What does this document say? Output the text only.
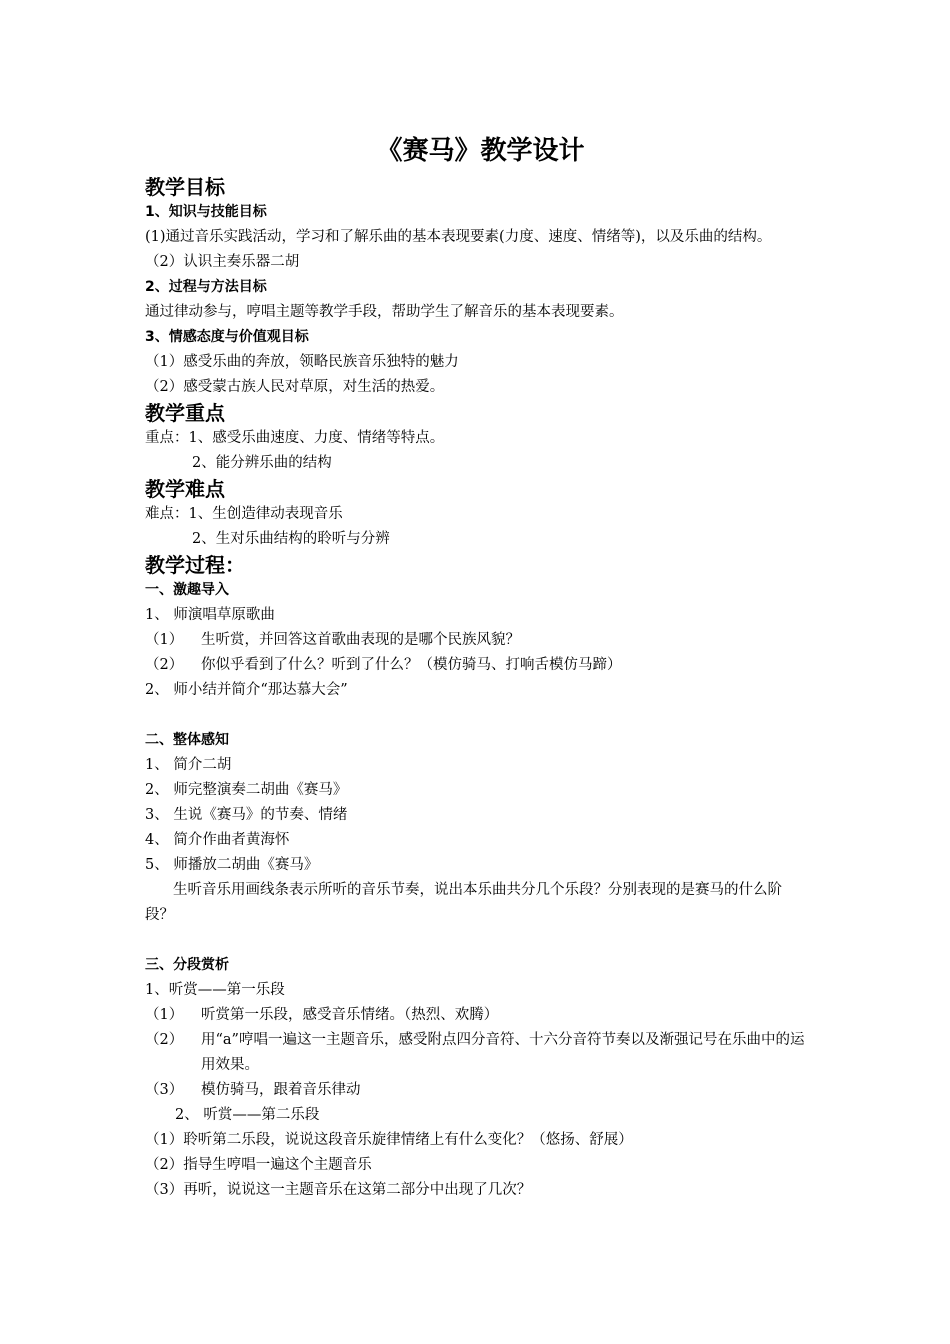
《赛马》教学设计
教学目标
1、知识与技能目标
(1)通过音乐实践活动，学习和了解乐曲的基本表现要素(力度、速度、情绪等)，以及乐曲的结构。
（2）认识主奏乐器二胡
2、过程与方法目标
通过律动参与，哼唱主题等教学手段，帮助学生了解音乐的基本表现要素。
3、情感态度与价值观目标
（1）感受乐曲的奔放，领略民族音乐独特的魅力
（2）感受蒙古族人民对草原，对生活的热爱。
教学重点
重点：1、感受乐曲速度、力度、情绪等特点。
2、能分辨乐曲的结构
教学难点
难点：1、生创造律动表现音乐
2、生对乐曲结构的聆听与分辨
教学过程：
一、激趣导入
1、 师演唱草原歌曲
（1） 生听赏，并回答这首歌曲表现的是哪个民族风貌？
（2） 你似乎看到了什么？听到了什么？（模仿骑马、打响舌模仿马蹄）
2、 师小结并简介“那达慕大会”
二、整体感知
1、 简介二胡
2、 师完整演奏二胡曲《赛马》
3、 生说《赛马》的节奏、情绪
4、 简介作曲者黄海怀
5、 师播放二胡曲《赛马》
生听音乐用画线条表示所听的音乐节奏，说出本乐曲共分几个乐段？分别表现的是赛马的什么阶段？
三、分段赏析
1、听赏——第一乐段
（1） 听赏第一乐段，感受音乐情绪。（热烈、欢腾）
（2）	用“a”哼唱一遍这一主题音乐，感受附点四分音符、十六分音符节奏以及渐强记号在乐曲中的运用效果。
（3） 模仿骑马，跟着音乐律动
2、 听赏——第二乐段
（1）聆听第二乐段，说说这段音乐旋律情绪上有什么变化？（悠扬、舒展）
（2）指导生哼唱一遍这个主题音乐
（3）再听，说说这一主题音乐在这第二部分中出现了几次？
